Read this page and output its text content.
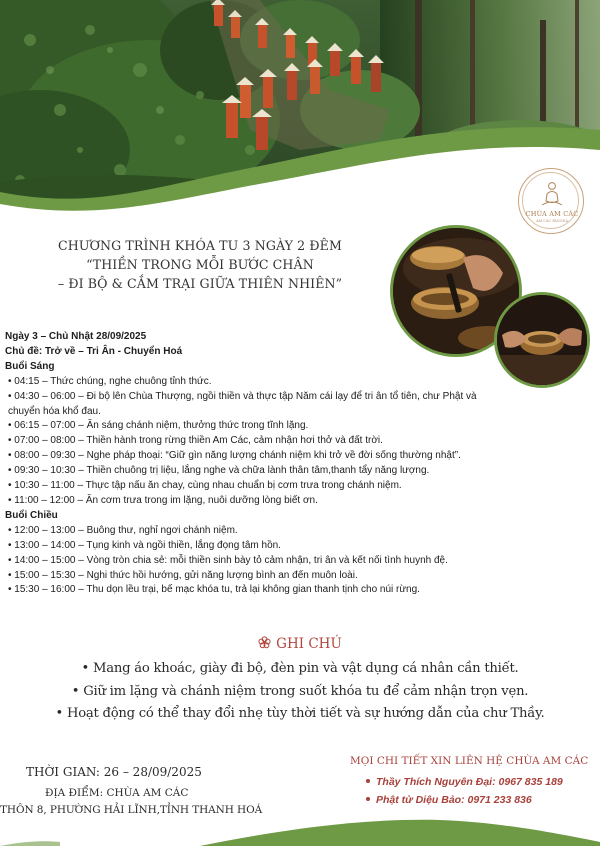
CHÙA AM CÁC
AM CÁC PAGODA
CHƯƠNG TRÌNH KHÓA TU 3 NGÀY 2 ĐÊM
“THIỀN TRONG MỖI BƯỚC CHÂN
– ĐI BỘ & CẮM TRẠI GIỮA THIÊN NHIÊN”
Ngày 3 – Chủ Nhật 28/09/2025
Chủ đề: Trở về – Tri Ân - Chuyển Hoá
Buổi Sáng
• 04:15 – Thức chúng, nghe chuông tỉnh thức.
• 04:30 – 06:00 – Đi bộ lên Chùa Thượng, ngồi thiền và thực tập Năm cái lạy để tri ân tổ tiên, chư Phật và
chuyển hóa khổ đau.
• 06:15 – 07:00 – Ăn sáng chánh niệm, thưởng thức trong tĩnh lặng.
• 07:00 – 08:00 – Thiền hành trong rừng thiền Am Các, cảm nhận hơi thở và đất trời.
• 08:00 – 09:30 – Nghe pháp thoại: “Giữ gìn năng lượng chánh niệm khi trở về đời sống thường nhật”.
• 09:30 – 10:30 – Thiền chuông trị liệu, lắng nghe và chữa lành thân tâm,thanh tẩy năng lượng.
• 10:30 – 11:00 – Thực tập nấu ăn chay, cùng nhau chuẩn bị cơm trưa trong chánh niệm.
• 11:00 – 12:00 – Ăn cơm trưa trong im lặng, nuôi dưỡng lòng biết ơn.
Buổi Chiều
• 12:00 – 13:00 – Buông thư, nghỉ ngơi chánh niệm.
• 13:00 – 14:00 – Tụng kinh và ngồi thiền, lắng đọng tâm hồn.
• 14:00 – 15:00 – Vòng tròn chia sẻ: mỗi thiền sinh bày tỏ cảm nhận, tri ân và kết nối tình huynh đệ.
• 15:00 – 15:30 – Nghi thức hồi hướng, gửi năng lượng bình an đến muôn loài.
• 15:30 – 16:00 – Thu dọn lều trại, bế mạc khóa tu, trả lại không gian thanh tịnh cho núi rừng.
GHI CHÚ
• Mang áo khoác, giày đi bộ, đèn pin và vật dụng cá nhân cần thiết.
• Giữ im lặng và chánh niệm trong suốt khóa tu để cảm nhận trọn vẹn.
• Hoạt động có thể thay đổi nhẹ tùy thời tiết và sự hướng dẫn của chư Thầy.
THỜI GIAN: 26 – 28/09/2025
ĐỊA ĐIỂM: CHÙA AM CÁC
THÔN 8, PHƯỜNG HẢI LĨNH,TỈNH THANH HOÁ
MỌI CHI TIẾT XIN LIÊN HỆ CHÙA AM CÁC
Thầy Thích Nguyên Đại: 0967 835 189
Phật tử Diệu Bảo: 0971 233 836
